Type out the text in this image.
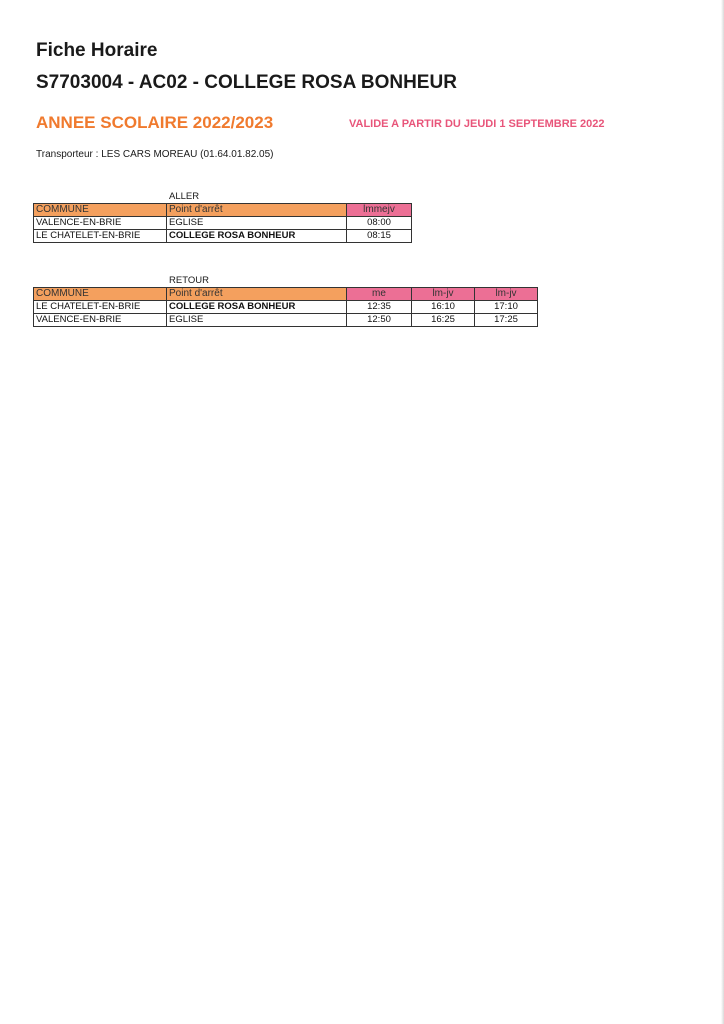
Fiche Horaire
S7703004 - AC02 - COLLEGE ROSA BONHEUR
ANNEE SCOLAIRE 2022/2023	VALIDE A PARTIR DU JEUDI 1 SEPTEMBRE 2022
Transporteur : LES CARS MOREAU (01.64.01.82.05)
ALLER
COMMUNE	Point d'arrêt	lmmejv
VALENCE-EN-BRIE	EGLISE	08:00
LE CHATELET-EN-BRIE	COLLEGE ROSA BONHEUR	08:15
RETOUR
COMMUNE	Point d'arrêt	me	lm-jv	lm-jv
LE CHATELET-EN-BRIE	COLLEGE ROSA BONHEUR	12:35	16:10	17:10
VALENCE-EN-BRIE	EGLISE	12:50	16:25	17:25
